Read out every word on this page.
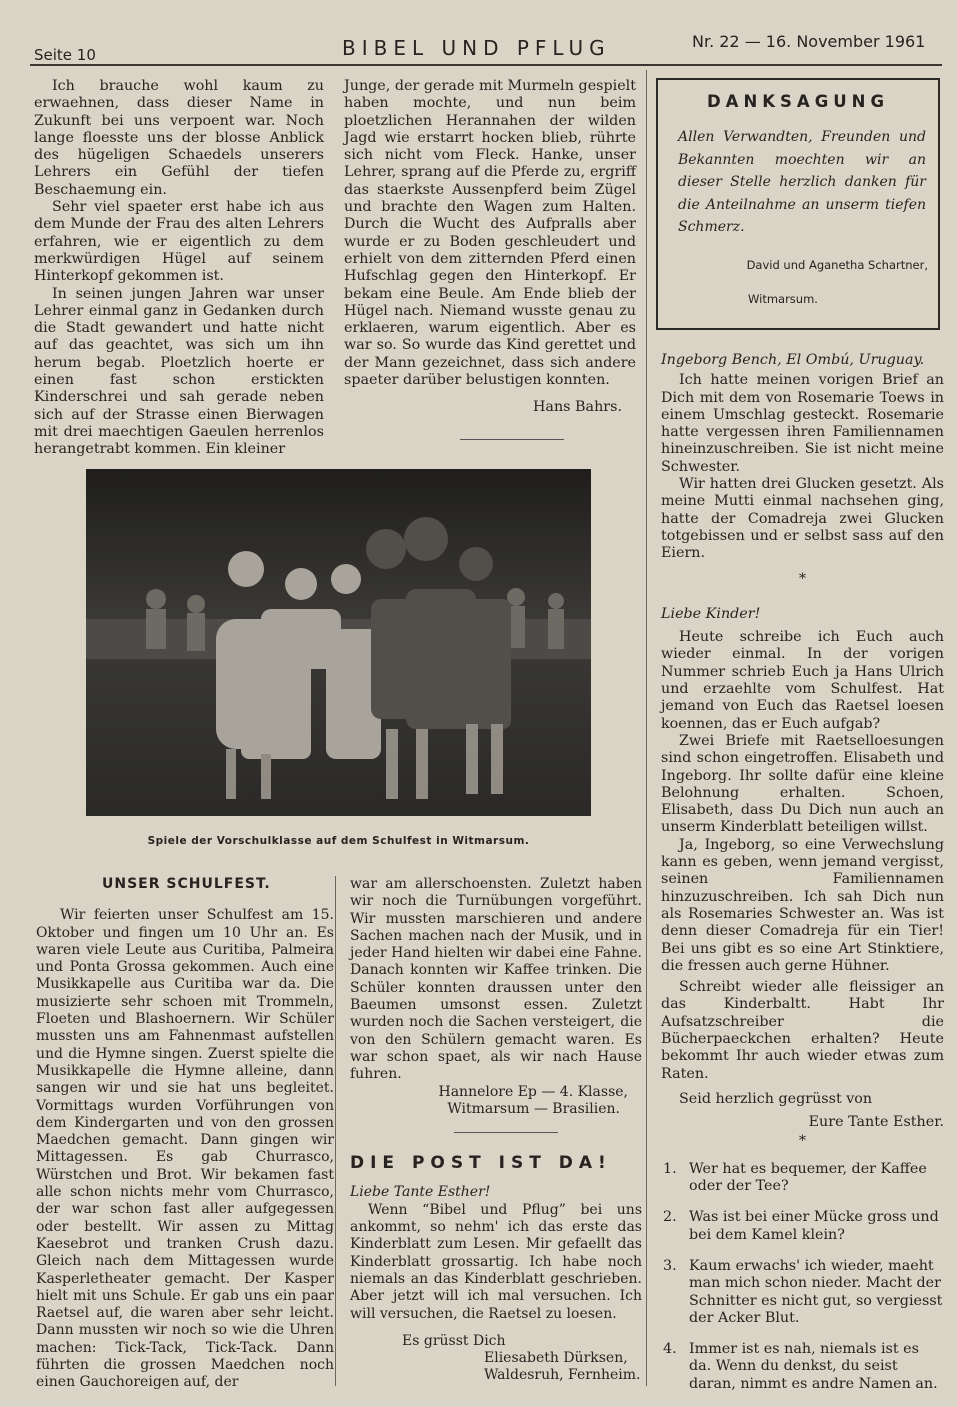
Seite 10	BIBEL UND PFLUG	Nr. 22 — 16. November 1961

Ich brauche wohl kaum zu erwaehnen, dass dieser Name in Zukunft bei uns verpoent war. Noch lange floesste uns der blosse Anblick des hügeligen Schaedels unserers Lehrers ein Gefühl der tiefen Beschaemung ein.

Sehr viel spaeter erst habe ich aus dem Munde der Frau des alten Lehrers erfahren, wie er eigentlich zu dem merkwürdigen Hügel auf seinem Hinterkopf gekommen ist.

In seinen jungen Jahren war unser Lehrer einmal ganz in Gedanken durch die Stadt gewandert und hatte nicht auf das geachtet, was sich um ihn herum begab. Ploetzlich hoerte er einen fast schon erstickten Kinderschrei und sah gerade neben sich auf der Strasse einen Bierwagen mit drei maechtigen Gaeulen herrenlos herangetrabt kommen. Ein kleiner

Junge, der gerade mit Murmeln gespielt haben mochte, und nun beim ploetzlichen Herannahen der wilden Jagd wie erstarrt hocken blieb, rührte sich nicht vom Fleck. Hanke, unser Lehrer, sprang auf die Pferde zu, ergriff das staerkste Aussenpferd beim Zügel und brachte den Wagen zum Halten. Durch die Wucht des Aufpralls aber wurde er zu Boden geschleudert und erhielt von dem zitternden Pferd einen Hufschlag gegen den Hinterkopf. Er bekam eine Beule. Am Ende blieb der Hügel nach. Niemand wusste genau zu erklaeren, warum eigentlich. Aber es war so. So wurde das Kind gerettet und der Mann gezeichnet, dass sich andere spaeter darüber belustigen konnten.

Hans Bahrs.
DANKSAGUNG
Allen Verwandten, Freunden und Bekannten moechten wir an dieser Stelle herzlich danken für die Anteilnahme an unserm tiefen Schmerz.
David und Aganetha Schartner,
Witmarsum.
Ingeborg Bench, El Ombú, Uruguay.

Ich hatte meinen vorigen Brief an Dich mit dem von Rosemarie Toews in einem Umschlag gesteckt. Rosemarie hatte vergessen ihren Familiennamen hineinzuschreiben. Sie ist nicht meine Schwester.

Wir hatten drei Glucken gesetzt. Als meine Mutti einmal nachsehen ging, hatte der Comadreja zwei Glucken totgebissen und er selbst sass auf den Eiern.

*
Liebe Kinder!

Heute schreibe ich Euch auch wieder einmal. In der vorigen Nummer schrieb Euch ja Hans Ulrich und erzaehlte vom Schulfest. Hat jemand von Euch das Raetsel loesen koennen, das er Euch aufgab?

Zwei Briefe mit Raetselloesungen sind schon eingetroffen. Elisabeth und Ingeborg. Ihr sollte dafür eine kleine Belohnung erhalten. Schoen, Elisabeth, dass Du Dich nun auch an unserm Kinderblatt beteiligen willst.

Ja, Ingeborg, so eine Verwechslung kann es geben, wenn jemand vergisst, seinen Familiennamen hinzuzuschreiben. Ich sah Dich nun als Rosemaries Schwester an. Was ist denn dieser Comadreja für ein Tier! Bei uns gibt es so eine Art Stinktiere, die fressen auch gerne Hühner.

Schreibt wieder alle fleissiger an das Kinderbaltt. Habt Ihr Aufsatzschreiber die Bücherpaeckchen erhalten? Heute bekommt Ihr auch wieder etwas zum Raten.

Seid herzlich gegrüsst von

Eure Tante Esther.
*
1. Wer hat es bequemer, der Kaffee oder der Tee?
2. Was ist bei einer Mücke gross und bei dem Kamel klein?
3. Kaum erwachs' ich wieder, maeht man mich schon nieder. Macht der Schnitter es nicht gut, so vergiesst der Acker Blut.
4. Immer ist es nah, niemals ist es da. Wenn du denkst, du seist daran, nimmt es andre Namen an.
Spiele der Vorschulklasse auf dem Schulfest in Witmarsum.
UNSER SCHULFEST.

Wir feierten unser Schulfest am 15. Oktober und fingen um 10 Uhr an. Es waren viele Leute aus Curitiba, Palmeira und Ponta Grossa gekommen. Auch eine Musikkapelle aus Curitiba war da. Die musizierte sehr schoen mit Trommeln, Floeten und Blashoernern. Wir Schüler mussten uns am Fahnenmast aufstellen und die Hymne singen. Zuerst spielte die Musikkapelle die Hymne alleine, dann sangen wir und sie hat uns begleitet. Vormittags wurden Vorführungen von dem Kindergarten und von den grossen Maedchen gemacht. Dann gingen wir Mittagessen. Es gab Churrasco, Würstchen und Brot. Wir bekamen fast alle schon nichts mehr vom Churrasco, der war schon fast aller aufgegessen oder bestellt. Wir assen zu Mittag Kaesebrot und tranken Crush dazu. Gleich nach dem Mittagessen wurde Kasperletheater gemacht. Der Kasper hielt mit uns Schule. Er gab uns ein paar Raetsel auf, die waren aber sehr leicht. Dann mussten wir noch so wie die Uhren machen: Tick-Tack, Tick-Tack. Dann führten die grossen Maedchen noch einen Gauchoreigen auf, der

war am allerschoensten. Zuletzt haben wir noch die Turnübungen vorgeführt. Wir mussten marschieren und andere Sachen machen nach der Musik, und in jeder Hand hielten wir dabei eine Fahne. Danach konnten wir Kaffee trinken. Die Schüler konnten draussen unter den Baeumen umsonst essen. Zuletzt wurden noch die Sachen versteigert, die von den Schülern gemacht waren. Es war schon spaet, als wir nach Hause fuhren.

Hannelore Ep — 4. Klasse,
Witmarsum — Brasilien.
DIE POST IST DA!
Liebe Tante Esther!

Wenn “Bibel und Pflug” bei uns ankommt, so nehm' ich das erste das Kinderblatt zum Lesen. Mir gefaellt das Kinderblatt grossartig. Ich habe noch niemals an das Kinderblatt geschrieben. Aber jetzt will ich mal versuchen. Ich will versuchen, die Raetsel zu loesen.

Es grüsst Dich
Eliesabeth Dürksen,
Waldesruh, Fernheim.
